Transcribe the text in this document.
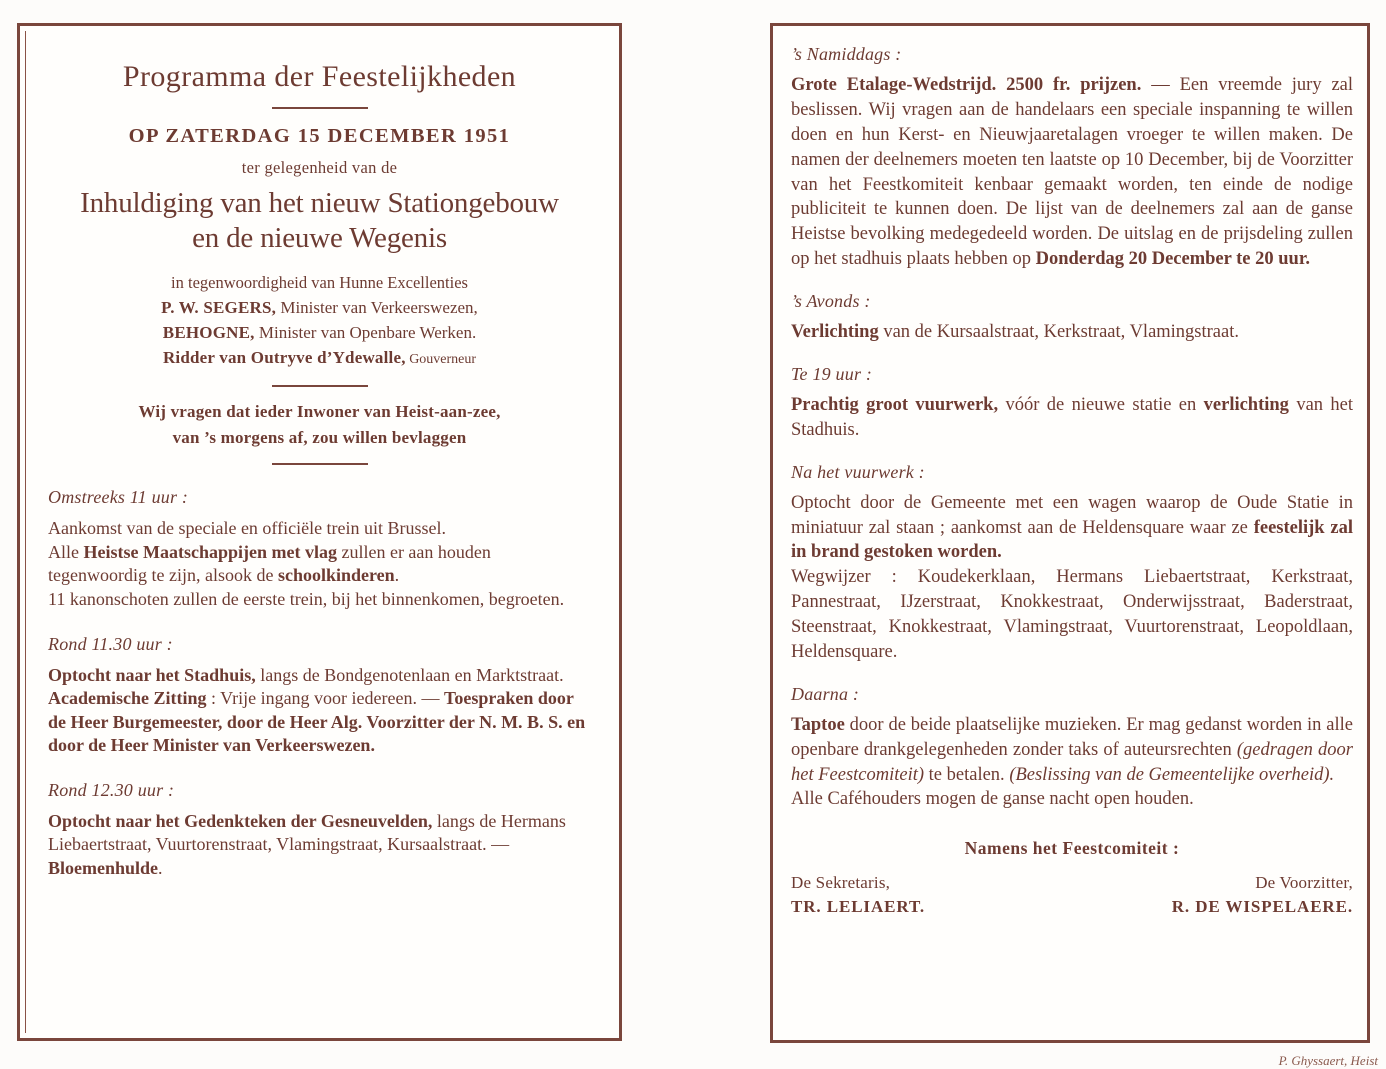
Programma der Feestelijkheden
OP ZATERDAG 15 DECEMBER 1951
ter gelegenheid van de
Inhuldiging van het nieuw Stationgebouw
en de nieuwe Wegenis
in tegenwoordigheid van Hunne Excellenties
P. W. SEGERS, Minister van Verkeerswezen,
BEHOGNE, Minister van Openbare Werken.
Ridder van Outryve d’Ydewalle, Gouverneur
Wij vragen dat ieder Inwoner van Heist-aan-zee,
van ’s morgens af, zou willen bevlaggen
Omstreeks 11 uur :

Aankomst van de speciale en officiële trein uit Brussel.

Alle Heistse Maatschappijen met vlag zullen er aan houden tegenwoordig te zijn, alsook de schoolkinderen.

11 kanonschoten zullen de eerste trein, bij het binnenkomen, begroeten.

Rond 11.30 uur :

Optocht naar het Stadhuis, langs de Bondgenotenlaan en Marktstraat.

Academische Zitting : Vrije ingang voor iedereen. — Toespraken door de Heer Burgemeester, door de Heer Alg. Voorzitter der N. M. B. S. en door de Heer Minister van Verkeerswezen.

Rond 12.30 uur :

Optocht naar het Gedenkteken der Gesneuvelden, langs de Hermans Liebaertstraat, Vuurtorenstraat, Vlamingstraat, Kursaalstraat. — Bloemenhulde.

’s Namiddags :

Grote Etalage-Wedstrijd. 2500 fr. prijzen. — Een vreemde jury zal beslissen. Wij vragen aan de handelaars een speciale inspanning te willen doen en hun Kerst- en Nieuwjaaretalagen vroeger te willen maken. De namen der deelnemers moeten ten laatste op 10 December, bij de Voorzitter van het Feestkomiteit kenbaar gemaakt worden, ten einde de nodige publiciteit te kunnen doen. De lijst van de deelnemers zal aan de ganse Heistse bevolking medegedeeld worden. De uitslag en de prijsdeling zullen op het stadhuis plaats hebben op Donderdag 20 December te 20 uur.

’s Avonds :

Verlichting van de Kursaalstraat, Kerkstraat, Vlamingstraat.

Te 19 uur :

Prachtig groot vuurwerk, vóór de nieuwe statie en verlichting van het Stadhuis.

Na het vuurwerk :

Optocht door de Gemeente met een wagen waarop de Oude Statie in miniatuur zal staan ; aankomst aan de Heldensquare waar ze feestelijk zal in brand gestoken worden.

Wegwijzer : Koudekerklaan, Hermans Liebaertstraat, Kerkstraat, Pannestraat, IJzerstraat, Knokkestraat, Onderwijsstraat, Baderstraat, Steenstraat, Knokkestraat, Vlamingstraat, Vuurtorenstraat, Leopoldlaan, Heldensquare.

Daarna :

Taptoe door de beide plaatselijke muzieken. Er mag gedanst worden in alle openbare drankgelegenheden zonder taks of auteursrechten (gedragen door het Feestcomiteit) te betalen. (Beslissing van de Gemeentelijke overheid).

Alle Caféhouders mogen de ganse nacht open houden.

Namens het Feestcomiteit :
De Sekretaris,
TR. LELIAERT.
De Voorzitter,
R. DE WISPELAERE.
P. Ghyssaert, Heist
